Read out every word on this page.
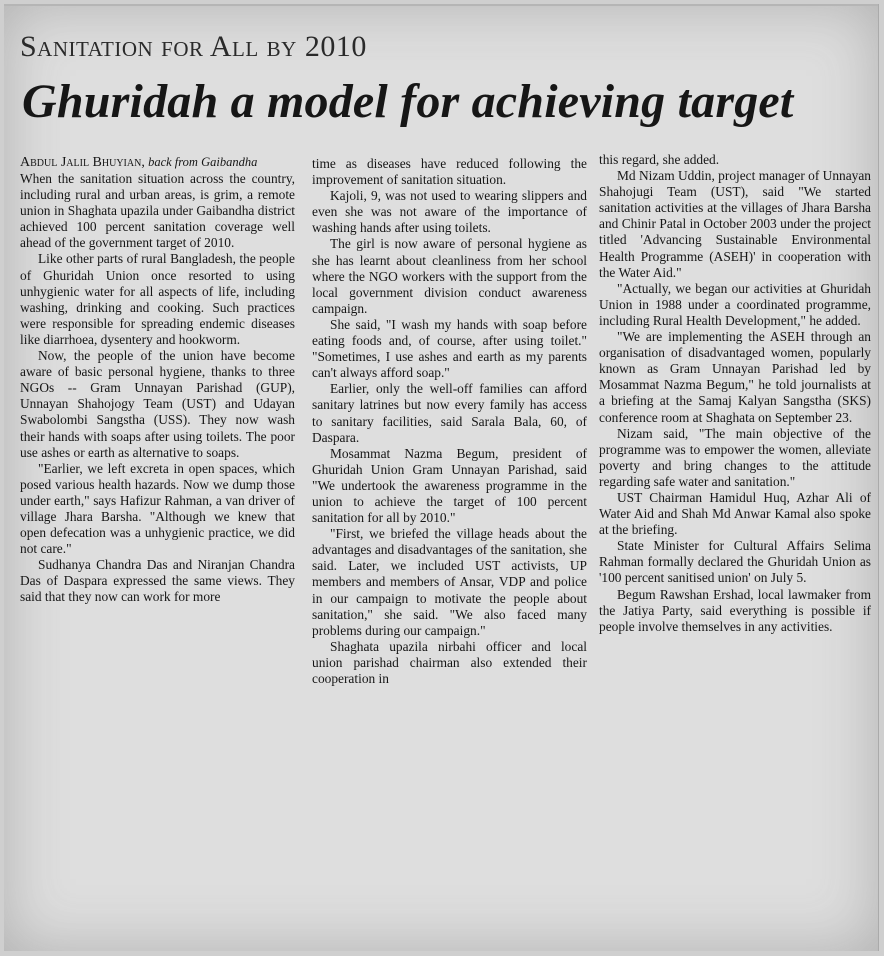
Sanitation for All by 2010
Ghuridah a model for achieving target

Abdul Jalil Bhuyian, back from Gaibandha

When the sanitation situation across the country, including rural and urban areas, is grim, a remote union in Shaghata upazila under Gaibandha district achieved 100 percent sanitation coverage well ahead of the government target of 2010.

Like other parts of rural Bangladesh, the people of Ghuridah Union once resorted to using unhygienic water for all aspects of life, including washing, drinking and cooking. Such practices were responsible for spreading endemic diseases like diarrhoea, dysentery and hookworm.

Now, the people of the union have become aware of basic personal hygiene, thanks to three NGOs -- Gram Unnayan Parishad (GUP), Unnayan Shahojogy Team (UST) and Udayan Swabolombi Sangstha (USS). They now wash their hands with soaps after using toilets. The poor use ashes or earth as alternative to soaps.

"Earlier, we left excreta in open spaces, which posed various health hazards. Now we dump those under earth," says Hafizur Rahman, a van driver of village Jhara Barsha. "Although we knew that open defecation was a unhygienic practice, we did not care."

Sudhanya Chandra Das and Niranjan Chandra Das of Daspara expressed the same views. They said that they now can work for more

time as diseases have reduced following the improvement of sanitation situation.

Kajoli, 9, was not used to wearing slippers and even she was not aware of the importance of washing hands after using toilets.

The girl is now aware of personal hygiene as she has learnt about cleanliness from her school where the NGO workers with the support from the local government division conduct awareness campaign.

She said, "I wash my hands with soap before eating foods and, of course, after using toilet." "Sometimes, I use ashes and earth as my parents can't always afford soap."

Earlier, only the well-off families can afford sanitary latrines but now every family has access to sanitary facilities, said Sarala Bala, 60, of Daspara.

Mosammat Nazma Begum, president of Ghuridah Union Gram Unnayan Parishad, said "We undertook the awareness programme in the union to achieve the target of 100 percent sanitation for all by 2010."

"First, we briefed the village heads about the advantages and disadvantages of the sanitation, she said. Later, we included UST activists, UP members and members of Ansar, VDP and police in our campaign to motivate the people about sanitation," she said. "We also faced many problems during our campaign."

Shaghata upazila nirbahi officer and local union parishad chairman also extended their cooperation in

this regard, she added.

Md Nizam Uddin, project manager of Unnayan Shahojugi Team (UST), said "We started sanitation activities at the villages of Jhara Barsha and Chinir Patal in October 2003 under the project titled 'Advancing Sustainable Environmental Health Programme (ASEH)' in cooperation with the Water Aid."

"Actually, we began our activities at Ghuridah Union in 1988 under a coordinated programme, including Rural Health Development," he added.

"We are implementing the ASEH through an organisation of disadvantaged women, popularly known as Gram Unnayan Parishad led by Mosammat Nazma Begum," he told journalists at a briefing at the Samaj Kalyan Sangstha (SKS) conference room at Shaghata on September 23.

Nizam said, "The main objective of the programme was to empower the women, alleviate poverty and bring changes to the attitude regarding safe water and sanitation."

UST Chairman Hamidul Huq, Azhar Ali of Water Aid and Shah Md Anwar Kamal also spoke at the briefing.

State Minister for Cultural Affairs Selima Rahman formally declared the Ghuridah Union as '100 percent sanitised union' on July 5.

Begum Rawshan Ershad, local lawmaker from the Jatiya Party, said everything is possible if people involve themselves in any activities.
